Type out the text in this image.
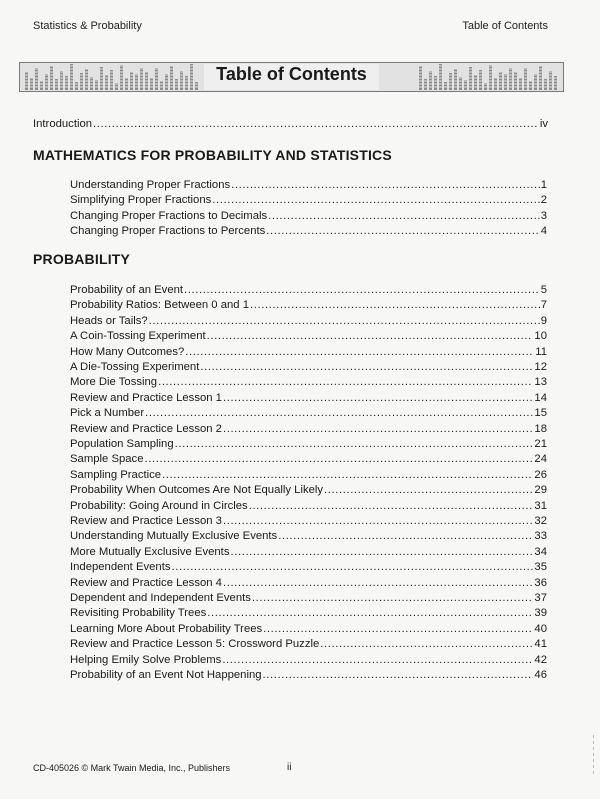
Statistics & Probability	Table of Contents
Table of Contents
Introduction .....	iv
MATHEMATICS FOR PROBABILITY AND STATISTICS
Understanding Proper Fractions .....	1
Simplifying Proper Fractions .....	2
Changing Proper Fractions to Decimals .....	3
Changing Proper Fractions to Percents .....	4
PROBABILITY
Probability of an Event .....	5
Probability Ratios: Between 0 and 1 .....	7
Heads or Tails? .....	9
A Coin-Tossing Experiment .....	10
How Many Outcomes? .....	11
A Die-Tossing Experiment .....	12
More Die Tossing .....	13
Review and Practice Lesson 1 .....	14
Pick a Number .....	15
Review and Practice Lesson 2 .....	18
Population Sampling .....	21
Sample Space .....	24
Sampling Practice .....	26
Probability When Outcomes Are Not Equally Likely .....	29
Probability: Going Around in Circles .....	31
Review and Practice Lesson 3 .....	32
Understanding Mutually Exclusive Events .....	33
More Mutually Exclusive Events .....	34
Independent Events .....	35
Review and Practice Lesson 4 .....	36
Dependent and Independent Events .....	37
Revisiting Probability Trees .....	39
Learning More About Probability Trees .....	40
Review and Practice Lesson 5: Crossword Puzzle .....	41
Helping Emily Solve Problems .....	42
Probability of an Event Not Happening .....	46
CD-405026 © Mark Twain Media, Inc., Publishers	ii
